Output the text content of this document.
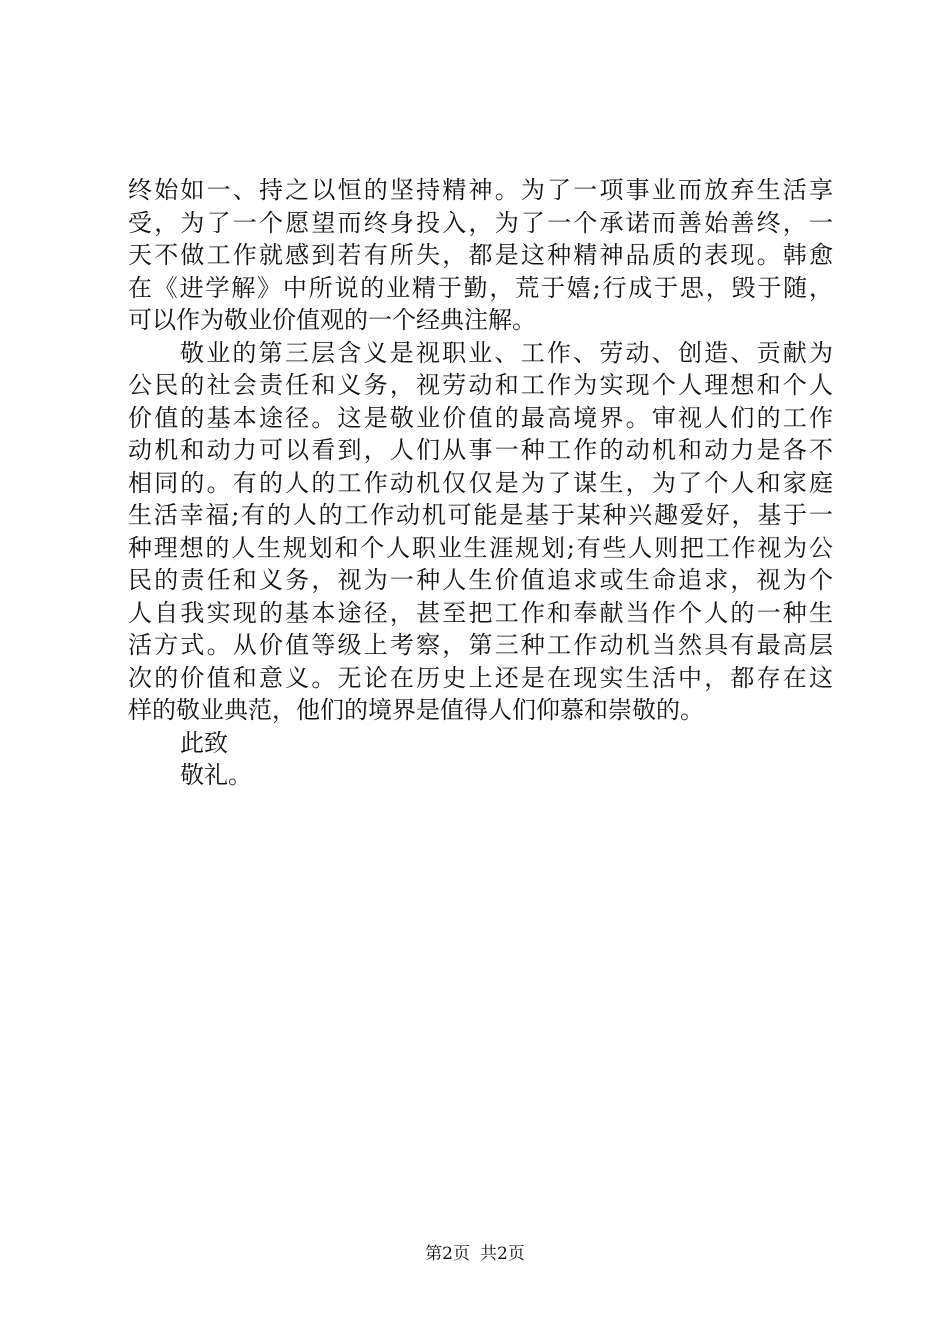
终始如一、持之以恒的坚持精神。为了一项事业而放弃生活享
受，为了一个愿望而终身投入，为了一个承诺而善始善终，一
天不做工作就感到若有所失，都是这种精神品质的表现。韩愈
在《进学解》中所说的业精于勤，荒于嬉;行成于思，毁于随，
可以作为敬业价值观的一个经典注解。
敬业的第三层含义是视职业、工作、劳动、创造、贡献为
公民的社会责任和义务，视劳动和工作为实现个人理想和个人
价值的基本途径。这是敬业价值的最高境界。审视人们的工作
动机和动力可以看到，人们从事一种工作的动机和动力是各不
相同的。有的人的工作动机仅仅是为了谋生，为了个人和家庭
生活幸福;有的人的工作动机可能是基于某种兴趣爱好，基于一
种理想的人生规划和个人职业生涯规划;有些人则把工作视为公
民的责任和义务，视为一种人生价值追求或生命追求，视为个
人自我实现的基本途径，甚至把工作和奉献当作个人的一种生
活方式。从价值等级上考察，第三种工作动机当然具有最高层
次的价值和意义。无论在历史上还是在现实生活中，都存在这
样的敬业典范，他们的境界是值得人们仰慕和崇敬的。
此致
敬礼。
第2页 共2页
